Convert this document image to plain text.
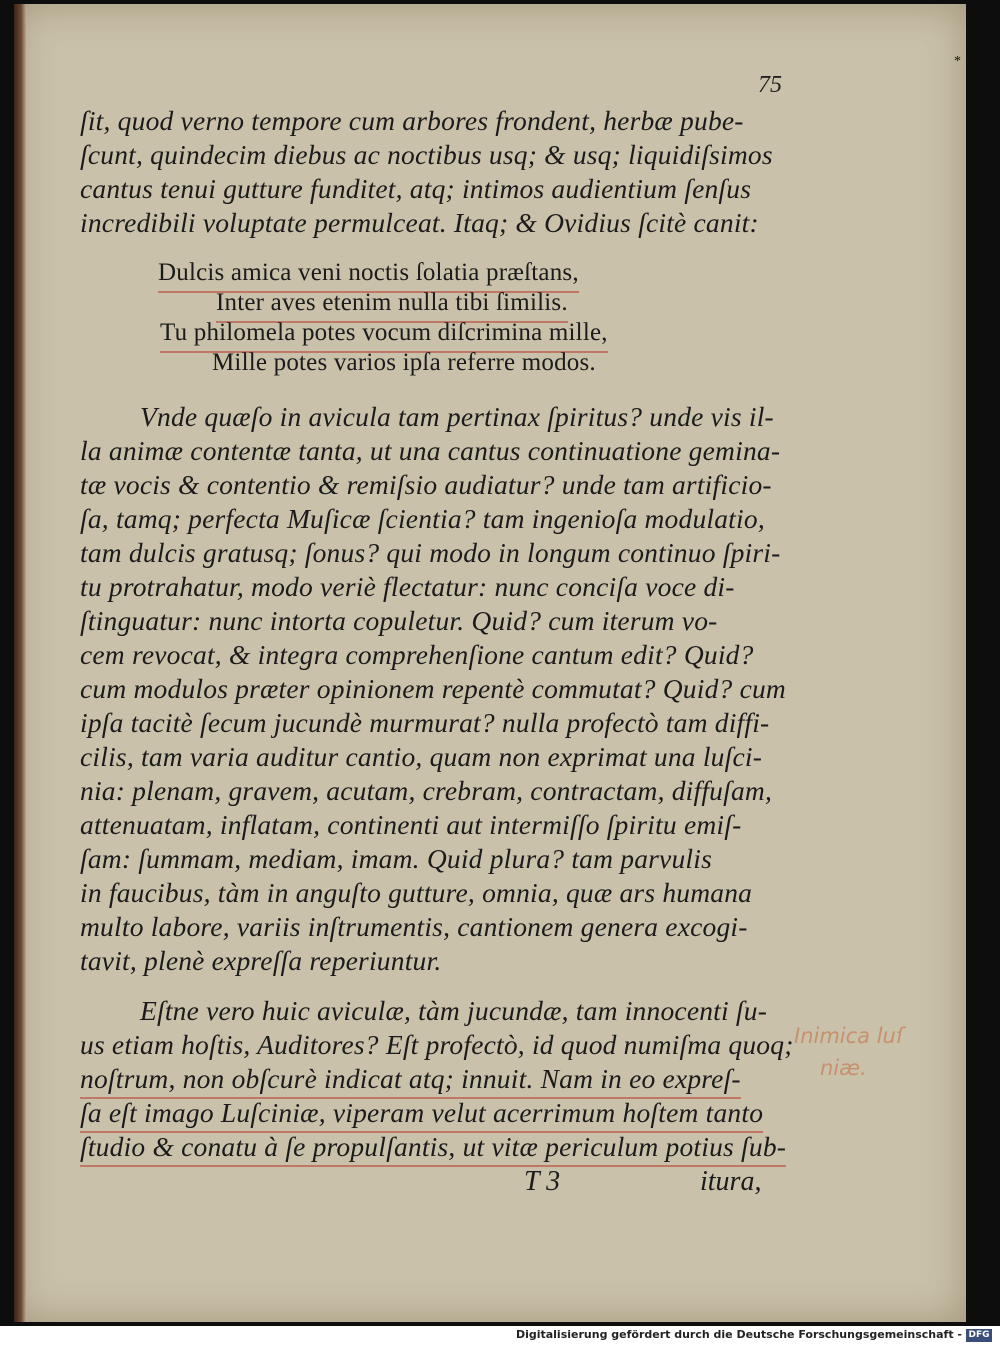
*
75
ſit, quod verno tempore cum arbores frondent, herbæ pube-
ſcunt, quindecim diebus ac noctibus usq; & usq; liquidiſsimos
cantus tenui gutture funditet, atq; intimos audientium ſenſus
incredibili voluptate permulceat. Itaq; & Ovidius ſcitè canit:
Dulcis amica veni noctis ſolatia præſtans,
Inter aves etenim nulla tibi ſimilis.
Tu philomela potes vocum diſcrimina mille,
Mille potes varios ipſa referre modos.
Vnde quæſo in avicula tam pertinax ſpiritus? unde vis il-
la animæ contentæ tanta, ut una cantus continuatione gemina-
tæ vocis & contentio & remiſsio audiatur? unde tam artificio-
ſa, tamq; perfecta Muſicæ ſcientia? tam ingenioſa modulatio,
tam dulcis gratusq; ſonus? qui modo in longum continuo ſpiri-
tu protrahatur, modo veriè flectatur: nunc conciſa voce di-
ſtinguatur: nunc intorta copuletur. Quid? cum iterum vo-
cem revocat, & integra comprehenſione cantum edit? Quid?
cum modulos præter opinionem repentè commutat? Quid? cum
ipſa tacitè ſecum jucundè murmurat? nulla profectò tam diffi-
cilis, tam varia auditur cantio, quam non exprimat una luſci-
nia: plenam, gravem, acutam, crebram, contractam, diffuſam,
attenuatam, inflatam, continenti aut intermiſſo ſpiritu emiſ-
ſam: ſummam, mediam, imam. Quid plura? tam parvulis
in faucibus, tàm in anguſto gutture, omnia, quæ ars humana
multo labore, variis inſtrumentis, cantionem genera excogi-
tavit, plenè expreſſa reperiuntur.
Eſtne vero huic aviculæ, tàm jucundæ, tam innocenti ſu-
us etiam hoſtis, Auditores? Eſt profectò, id quod numiſma quoq;
noſtrum, non obſcurè indicat atq; innuit. Nam in eo expreſ-
ſa eſt imago Luſciniæ, viperam velut acerrimum hoſtem tanto
ſtudio & conatu à ſe propulſantis, ut vitæ periculum potius ſub-
T 3	itura,
Inimica luſ
niæ.
Digitalisierung gefördert durch die Deutsche Forschungsgemeinschaft - DFG
